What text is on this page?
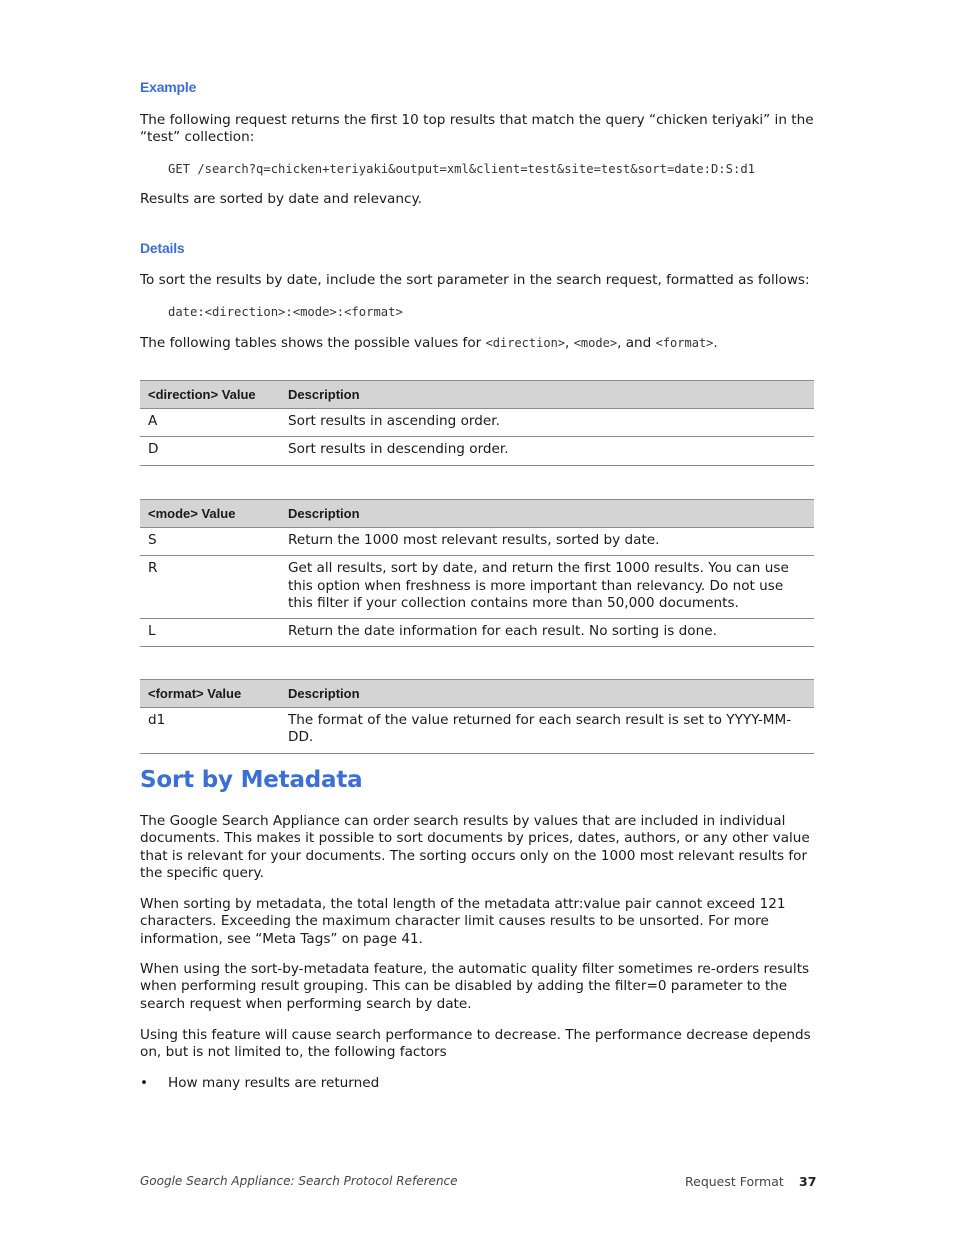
Example

The following request returns the first 10 top results that match the query “chicken teriyaki” in the “test” collection:

GET /search?q=chicken+teriyaki&output=xml&client=test&site=test&sort=date:D:S:d1

Results are sorted by date and relevancy.

Details

To sort the results by date, include the sort parameter in the search request, formatted as follows:

date:<direction>:<mode>:<format>

The following tables shows the possible values for <direction>, <mode>, and <format>.

<direction> Value	Description
A	Sort results in ascending order.
D	Sort results in descending order.
<mode> Value	Description
S	Return the 1000 most relevant results, sorted by date.
R	Get all results, sort by date, and return the first 1000 results. You can use this option when freshness is more important than relevancy. Do not use this filter if your collection contains more than 50,000 documents.
L	Return the date information for each result. No sorting is done.
<format> Value	Description
d1	The format of the value returned for each search result is set to YYYY-MM-DD.
Sort by Metadata

The Google Search Appliance can order search results by values that are included in individual documents. This makes it possible to sort documents by prices, dates, authors, or any other value that is relevant for your documents. The sorting occurs only on the 1000 most relevant results for the specific query.

When sorting by metadata, the total length of the metadata attr:value pair cannot exceed 121 characters. Exceeding the maximum character limit causes results to be unsorted. For more information, see “Meta Tags” on page 41.

When using the sort-by-metadata feature, the automatic quality filter sometimes re-orders results when performing result grouping. This can be disabled by adding the filter=0 parameter to the search request when performing search by date.

Using this feature will cause search performance to decrease. The performance decrease depends on, but is not limited to, the following factors

• How many results are returned
Google Search Appliance: Search Protocol Reference	Request Format 37
